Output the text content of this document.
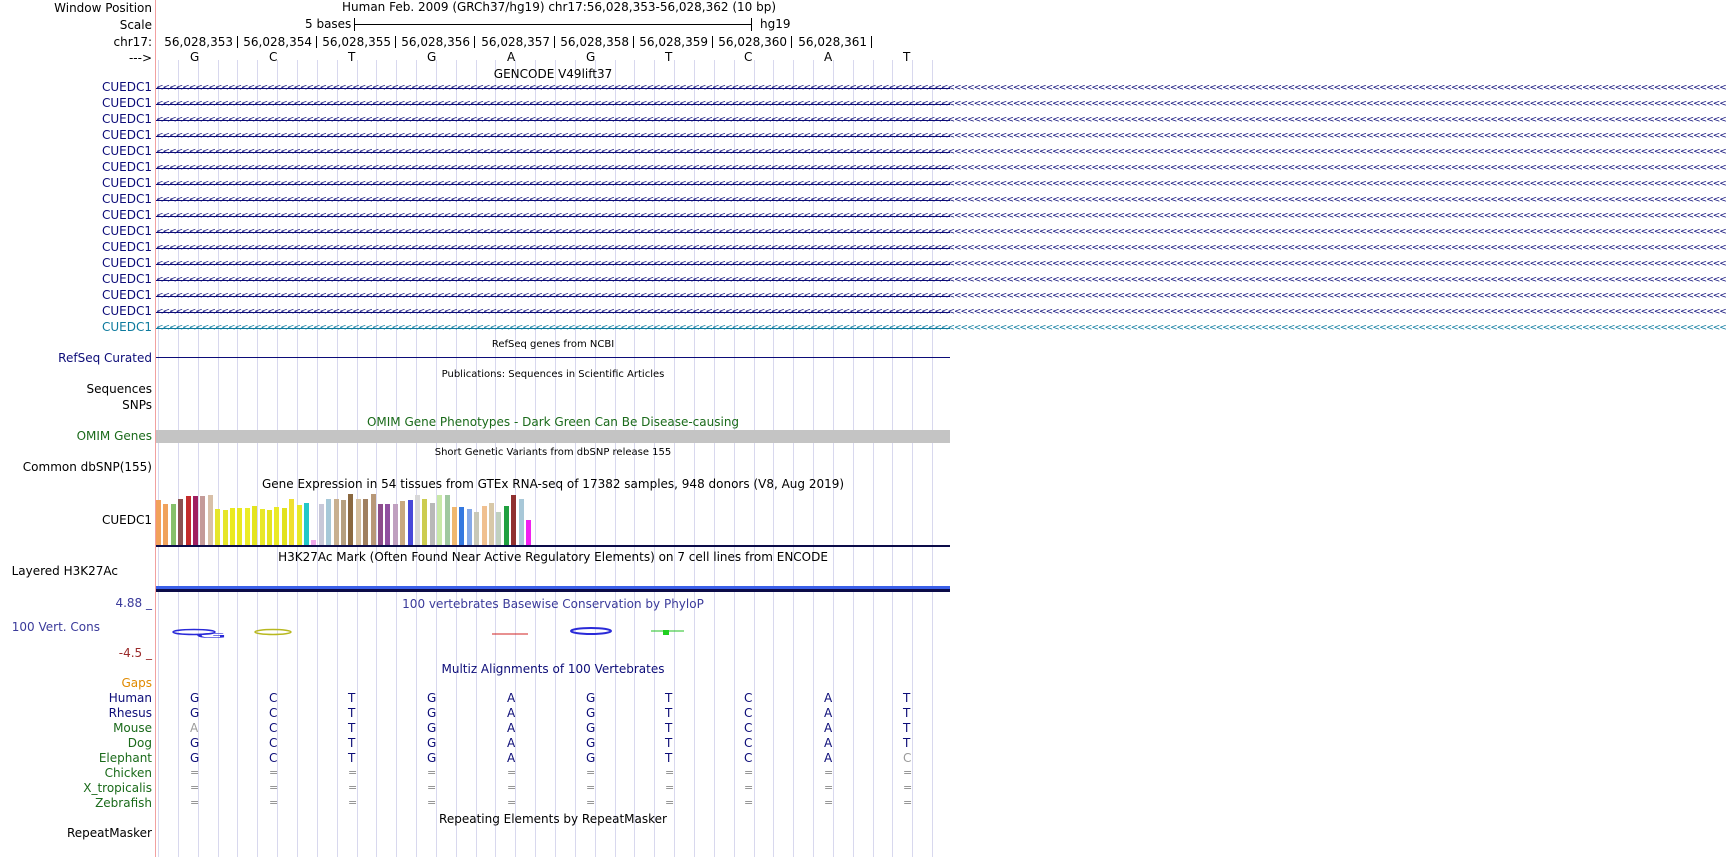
Window Position
Scale
chr17:
--->
CUEDC1
CUEDC1
CUEDC1
CUEDC1
CUEDC1
CUEDC1
CUEDC1
CUEDC1
CUEDC1
CUEDC1
CUEDC1
CUEDC1
CUEDC1
CUEDC1
CUEDC1
CUEDC1
RefSeq Curated
Sequences
SNPs
OMIM Genes
Common dbSNP(155)
CUEDC1
Layered H3K27Ac
4.88 _
100 Vert. Cons
-4.5 _
Gaps
Human
Rhesus
Mouse
Dog
Elephant
Chicken
X_tropicalis
Zebrafish
RepeatMasker
Human Feb. 2009 (GRCh37/hg19) chr17:56,028,353-56,028,362 (10 bp)
5 bases	hg19
56,028,353 56,028,354 56,028,355 56,028,356 56,028,357 56,028,358 56,028,359 56,028,360 56,028,361
G	C	T	G	A	G	T	C	A	T
GENCODE V49lift37
<<<<<<<<<<<<<<<<<<<<<<<<<<<<<<<<<<<<<<<<<<<<<<<<<<<<<<<<<<<<<<<<<<<<<<<<<<<<<<<<<<<<<<<<<<<<<<<<<<<<<<<<<<<<<<<<<<<<<<<<<<<<<<<<<<<<<<<<<<<<<<<<<<<<<<<<<<<<<<<<<<<<<<<<<<<<<<<<<<<<<<<<<<<<<<<<<<<<<<<<<<<<<<<<<<<<<<<<<<<<<<<<<<<<<<<<<<<<<<<<
<<<<<<<<<<<<<<<<<<<<<<<<<<<<<<<<<<<<<<<<<<<<<<<<<<<<<<<<<<<<<<<<<<<<<<<<<<<<<<<<<<<<<<<<<<<<<<<<<<<<<<<<<<<<<<<<<<<<<<<<<<<<<<<<<<<<<<<<<<<<<<<<<<<<<<<<<<<<<<<<<<<<<<<<<<<<<<<<<<<<<<<<<<<<<<<<<<<<<<<<<<<<<<<<<<<<<<<<<<<<<<<<<<<<<<<<<<<<<<<<
<<<<<<<<<<<<<<<<<<<<<<<<<<<<<<<<<<<<<<<<<<<<<<<<<<<<<<<<<<<<<<<<<<<<<<<<<<<<<<<<<<<<<<<<<<<<<<<<<<<<<<<<<<<<<<<<<<<<<<<<<<<<<<<<<<<<<<<<<<<<<<<<<<<<<<<<<<<<<<<<<<<<<<<<<<<<<<<<<<<<<<<<<<<<<<<<<<<<<<<<<<<<<<<<<<<<<<<<<<<<<<<<<<<<<<<<<<<<<<<<
<<<<<<<<<<<<<<<<<<<<<<<<<<<<<<<<<<<<<<<<<<<<<<<<<<<<<<<<<<<<<<<<<<<<<<<<<<<<<<<<<<<<<<<<<<<<<<<<<<<<<<<<<<<<<<<<<<<<<<<<<<<<<<<<<<<<<<<<<<<<<<<<<<<<<<<<<<<<<<<<<<<<<<<<<<<<<<<<<<<<<<<<<<<<<<<<<<<<<<<<<<<<<<<<<<<<<<<<<<<<<<<<<<<<<<<<<<<<<<<<
<<<<<<<<<<<<<<<<<<<<<<<<<<<<<<<<<<<<<<<<<<<<<<<<<<<<<<<<<<<<<<<<<<<<<<<<<<<<<<<<<<<<<<<<<<<<<<<<<<<<<<<<<<<<<<<<<<<<<<<<<<<<<<<<<<<<<<<<<<<<<<<<<<<<<<<<<<<<<<<<<<<<<<<<<<<<<<<<<<<<<<<<<<<<<<<<<<<<<<<<<<<<<<<<<<<<<<<<<<<<<<<<<<<<<<<<<<<<<<<<
<<<<<<<<<<<<<<<<<<<<<<<<<<<<<<<<<<<<<<<<<<<<<<<<<<<<<<<<<<<<<<<<<<<<<<<<<<<<<<<<<<<<<<<<<<<<<<<<<<<<<<<<<<<<<<<<<<<<<<<<<<<<<<<<<<<<<<<<<<<<<<<<<<<<<<<<<<<<<<<<<<<<<<<<<<<<<<<<<<<<<<<<<<<<<<<<<<<<<<<<<<<<<<<<<<<<<<<<<<<<<<<<<<<<<<<<<<<<<<<<
<<<<<<<<<<<<<<<<<<<<<<<<<<<<<<<<<<<<<<<<<<<<<<<<<<<<<<<<<<<<<<<<<<<<<<<<<<<<<<<<<<<<<<<<<<<<<<<<<<<<<<<<<<<<<<<<<<<<<<<<<<<<<<<<<<<<<<<<<<<<<<<<<<<<<<<<<<<<<<<<<<<<<<<<<<<<<<<<<<<<<<<<<<<<<<<<<<<<<<<<<<<<<<<<<<<<<<<<<<<<<<<<<<<<<<<<<<<<<<<<
<<<<<<<<<<<<<<<<<<<<<<<<<<<<<<<<<<<<<<<<<<<<<<<<<<<<<<<<<<<<<<<<<<<<<<<<<<<<<<<<<<<<<<<<<<<<<<<<<<<<<<<<<<<<<<<<<<<<<<<<<<<<<<<<<<<<<<<<<<<<<<<<<<<<<<<<<<<<<<<<<<<<<<<<<<<<<<<<<<<<<<<<<<<<<<<<<<<<<<<<<<<<<<<<<<<<<<<<<<<<<<<<<<<<<<<<<<<<<<<<
<<<<<<<<<<<<<<<<<<<<<<<<<<<<<<<<<<<<<<<<<<<<<<<<<<<<<<<<<<<<<<<<<<<<<<<<<<<<<<<<<<<<<<<<<<<<<<<<<<<<<<<<<<<<<<<<<<<<<<<<<<<<<<<<<<<<<<<<<<<<<<<<<<<<<<<<<<<<<<<<<<<<<<<<<<<<<<<<<<<<<<<<<<<<<<<<<<<<<<<<<<<<<<<<<<<<<<<<<<<<<<<<<<<<<<<<<<<<<<<<
<<<<<<<<<<<<<<<<<<<<<<<<<<<<<<<<<<<<<<<<<<<<<<<<<<<<<<<<<<<<<<<<<<<<<<<<<<<<<<<<<<<<<<<<<<<<<<<<<<<<<<<<<<<<<<<<<<<<<<<<<<<<<<<<<<<<<<<<<<<<<<<<<<<<<<<<<<<<<<<<<<<<<<<<<<<<<<<<<<<<<<<<<<<<<<<<<<<<<<<<<<<<<<<<<<<<<<<<<<<<<<<<<<<<<<<<<<<<<<<<
<<<<<<<<<<<<<<<<<<<<<<<<<<<<<<<<<<<<<<<<<<<<<<<<<<<<<<<<<<<<<<<<<<<<<<<<<<<<<<<<<<<<<<<<<<<<<<<<<<<<<<<<<<<<<<<<<<<<<<<<<<<<<<<<<<<<<<<<<<<<<<<<<<<<<<<<<<<<<<<<<<<<<<<<<<<<<<<<<<<<<<<<<<<<<<<<<<<<<<<<<<<<<<<<<<<<<<<<<<<<<<<<<<<<<<<<<<<<<<<<
<<<<<<<<<<<<<<<<<<<<<<<<<<<<<<<<<<<<<<<<<<<<<<<<<<<<<<<<<<<<<<<<<<<<<<<<<<<<<<<<<<<<<<<<<<<<<<<<<<<<<<<<<<<<<<<<<<<<<<<<<<<<<<<<<<<<<<<<<<<<<<<<<<<<<<<<<<<<<<<<<<<<<<<<<<<<<<<<<<<<<<<<<<<<<<<<<<<<<<<<<<<<<<<<<<<<<<<<<<<<<<<<<<<<<<<<<<<<<<<<
<<<<<<<<<<<<<<<<<<<<<<<<<<<<<<<<<<<<<<<<<<<<<<<<<<<<<<<<<<<<<<<<<<<<<<<<<<<<<<<<<<<<<<<<<<<<<<<<<<<<<<<<<<<<<<<<<<<<<<<<<<<<<<<<<<<<<<<<<<<<<<<<<<<<<<<<<<<<<<<<<<<<<<<<<<<<<<<<<<<<<<<<<<<<<<<<<<<<<<<<<<<<<<<<<<<<<<<<<<<<<<<<<<<<<<<<<<<<<<<<
<<<<<<<<<<<<<<<<<<<<<<<<<<<<<<<<<<<<<<<<<<<<<<<<<<<<<<<<<<<<<<<<<<<<<<<<<<<<<<<<<<<<<<<<<<<<<<<<<<<<<<<<<<<<<<<<<<<<<<<<<<<<<<<<<<<<<<<<<<<<<<<<<<<<<<<<<<<<<<<<<<<<<<<<<<<<<<<<<<<<<<<<<<<<<<<<<<<<<<<<<<<<<<<<<<<<<<<<<<<<<<<<<<<<<<<<<<<<<<<<
<<<<<<<<<<<<<<<<<<<<<<<<<<<<<<<<<<<<<<<<<<<<<<<<<<<<<<<<<<<<<<<<<<<<<<<<<<<<<<<<<<<<<<<<<<<<<<<<<<<<<<<<<<<<<<<<<<<<<<<<<<<<<<<<<<<<<<<<<<<<<<<<<<<<<<<<<<<<<<<<<<<<<<<<<<<<<<<<<<<<<<<<<<<<<<<<<<<<<<<<<<<<<<<<<<<<<<<<<<<<<<<<<<<<<<<<<<<<<<<<
<<<<<<<<<<<<<<<<<<<<<<<<<<<<<<<<<<<<<<<<<<<<<<<<<<<<<<<<<<<<<<<<<<<<<<<<<<<<<<<<<<<<<<<<<<<<<<<<<<<<<<<<<<<<<<<<<<<<<<<<<<<<<<<<<<<<<<<<<<<<<<<<<<<<<<<<<<<<<<<<<<<<<<<<<<<<<<<<<<<<<<<<<<<<<<<<<<<<<<<<<<<<<<<<<<<<<<<<<<<<<<<<<<<<<<<<<<<<<<<<
RefSeq genes from NCBI
Publications: Sequences in Scientific Articles
OMIM Gene Phenotypes - Dark Green Can Be Disease-causing
Short Genetic Variants from dbSNP release 155
Gene Expression in 54 tissues from GTEx RNA-seq of 17382 samples, 948 donors (V8, Aug 2019)
H3K27Ac Mark (Often Found Near Active Regulatory Elements) on 7 cell lines from ENCODE
100 vertebrates Basewise Conservation by PhyloP
G
Multiz Alignments of 100 Vertebrates
G	C	T	G	A	G	T	C	A	T
G	C	T	G	A	G	T	C	A	T
A	C	T	G	A	G	T	C	A	T
G	C	T	G	A	G	T	C	A	T
G	C	T	G	A	G	T	C	A	C
=	=	=	=	=	=	=	=	=	=
=	=	=	=	=	=	=	=	=	=
=	=	=	=	=	=	=	=	=	=
Repeating Elements by RepeatMasker
